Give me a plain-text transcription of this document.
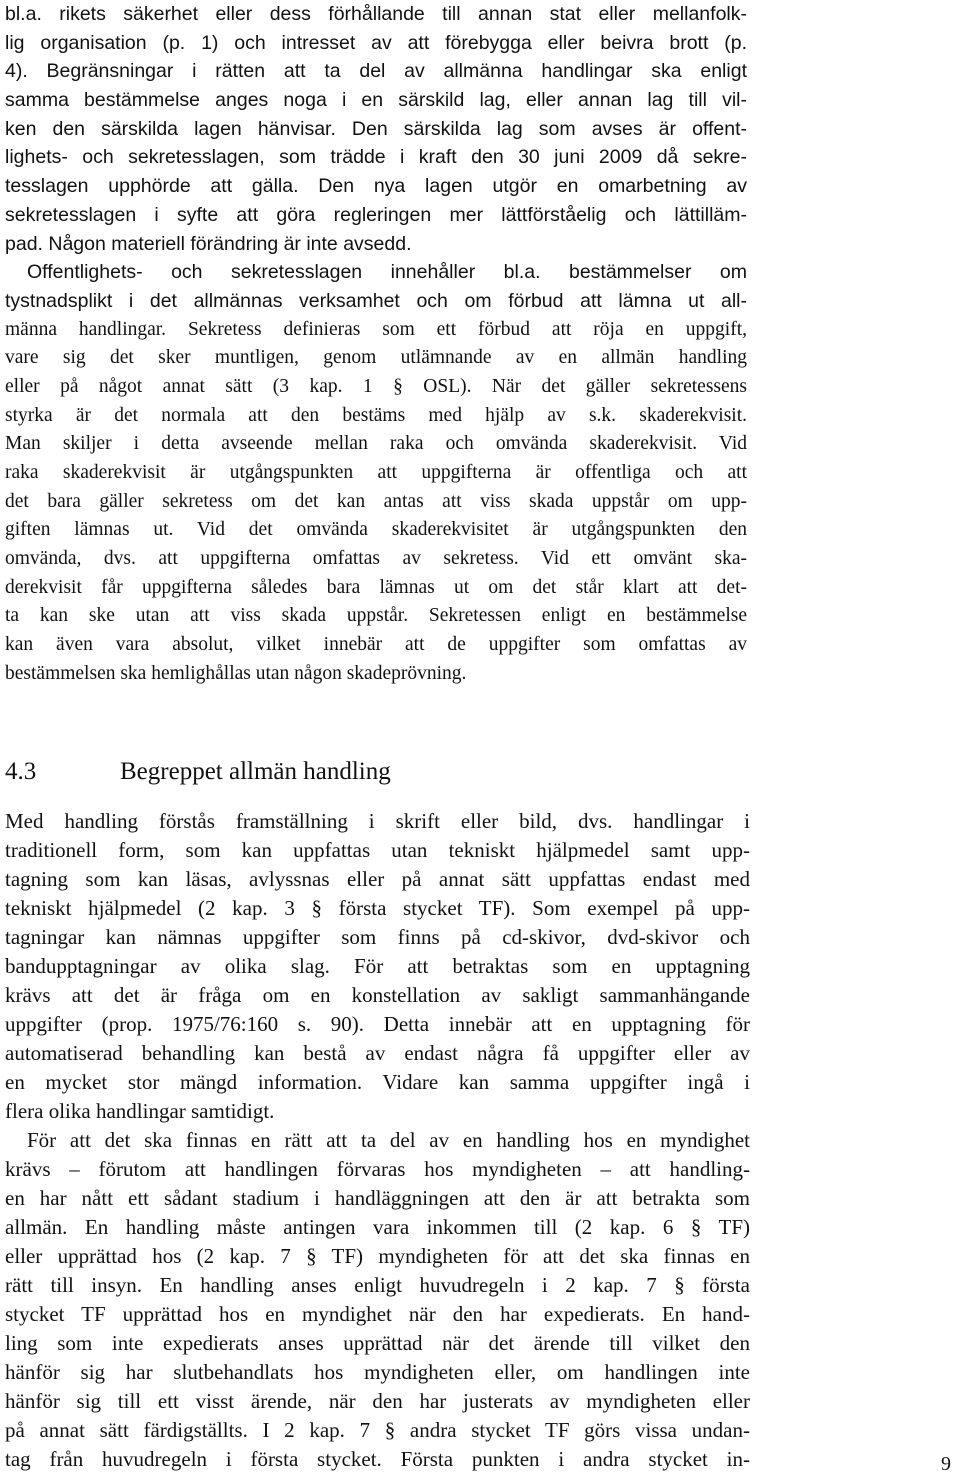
bl.a. rikets säkerhet eller dess förhållande till annan stat eller mellanfolk-
lig organisation (p. 1) och intresset av att förebygga eller beivra brott (p.
4). Begränsningar i rätten att ta del av allmänna handlingar ska enligt
samma bestämmelse anges noga i en särskild lag, eller annan lag till vil-
ken den särskilda lagen hänvisar. Den särskilda lag som avses är offent-
lighets- och sekretesslagen, som trädde i kraft den 30 juni 2009 då sekre-
tesslagen upphörde att gälla. Den nya lagen utgör en omarbetning av
sekretesslagen i syfte att göra regleringen mer lättförståelig och lättilläm-
pad. Någon materiell förändring är inte avsedd.
Offentlighets- och sekretesslagen innehåller bl.a. bestämmelser om
tystnadsplikt i det allmännas verksamhet och om förbud att lämna ut all-
männa handlingar. Sekretess definieras som ett förbud att röja en uppgift,
vare sig det sker muntligen, genom utlämnande av en allmän handling
eller på något annat sätt (3 kap. 1 § OSL). När det gäller sekretessens
styrka är det normala att den bestäms med hjälp av s.k. skaderekvisit.
Man skiljer i detta avseende mellan raka och omvända skaderekvisit. Vid
raka skaderekvisit är utgångspunkten att uppgifterna är offentliga och att
det bara gäller sekretess om det kan antas att viss skada uppstår om upp-
giften lämnas ut. Vid det omvända skaderekvisitet är utgångspunkten den
omvända, dvs. att uppgifterna omfattas av sekretess. Vid ett omvänt ska-
derekvisit får uppgifterna således bara lämnas ut om det står klart att det-
ta kan ske utan att viss skada uppstår. Sekretessen enligt en bestämmelse
kan även vara absolut, vilket innebär att de uppgifter som omfattas av
bestämmelsen ska hemlighållas utan någon skadeprövning.
4.3	Begreppet allmän handling
Med handling förstås framställning i skrift eller bild, dvs. handlingar i
traditionell form, som kan uppfattas utan tekniskt hjälpmedel samt upp-
tagning som kan läsas, avlyssnas eller på annat sätt uppfattas endast med
tekniskt hjälpmedel (2 kap. 3 § första stycket TF). Som exempel på upp-
tagningar kan nämnas uppgifter som finns på cd-skivor, dvd-skivor och
bandupptagningar av olika slag. För att betraktas som en upptagning
krävs att det är fråga om en konstellation av sakligt sammanhängande
uppgifter (prop. 1975/76:160 s. 90). Detta innebär att en upptagning för
automatiserad behandling kan bestå av endast några få uppgifter eller av
en mycket stor mängd information. Vidare kan samma uppgifter ingå i
flera olika handlingar samtidigt.
För att det ska finnas en rätt att ta del av en handling hos en myndighet
krävs – förutom att handlingen förvaras hos myndigheten – att handling-
en har nått ett sådant stadium i handläggningen att den är att betrakta som
allmän. En handling måste antingen vara inkommen till (2 kap. 6 § TF)
eller upprättad hos (2 kap. 7 § TF) myndigheten för att det ska finnas en
rätt till insyn. En handling anses enligt huvudregeln i 2 kap. 7 § första
stycket TF upprättad hos en myndighet när den har expedierats. En hand-
ling som inte expedierats anses upprättad när det ärende till vilket den
hänför sig har slutbehandlats hos myndigheten eller, om handlingen inte
hänför sig till ett visst ärende, när den har justerats av myndigheten eller
på annat sätt färdigställts. I 2 kap. 7 § andra stycket TF görs vissa undan-
tag från huvudregeln i första stycket. Första punkten i andra stycket in-	9
